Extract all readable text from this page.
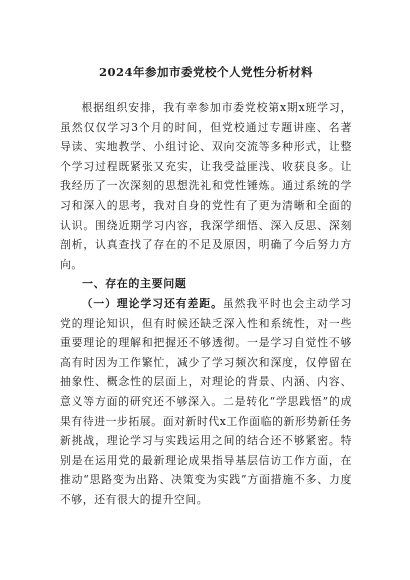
2024年参加市委党校个人党性分析材料

根据组织安排，我有幸参加市委党校第x期x班学习，虽然仅仅学习3个月的时间，但党校通过专题讲座、名著导读、实地教学、小组讨论、双向交流等多种形式，让整个学习过程既紧张又充实，让我受益匪浅、收获良多。让我经历了一次深刻的思想洗礼和党性锤炼。通过系统的学习和深入的思考，我对自身的党性有了更为清晰和全面的认识。围绕近期学习内容，我深学细悟、深入反思、深刻剖析，认真查找了存在的不足及原因，明确了今后努力方向。

一、存在的主要问题

（一）理论学习还有差距。虽然我平时也会主动学习党的理论知识，但有时候还缺乏深入性和系统性，对一些重要理论的理解和把握还不够透彻。一是学习自觉性不够高有时因为工作繁忙，减少了学习频次和深度，仅停留在抽象性、概念性的层面上，对理论的背景、内涵、内容、意义等方面的研究还不够深入。二是转化“学思践悟”的成果有待进一步拓展。面对新时代x工作面临的新形势新任务新挑战，理论学习与实践运用之间的结合还不够紧密。特别是在运用党的最新理论成果指导基层信访工作方面，在推动“思路变为出路、决策变为实践”方面措施不多、力度不够，还有很大的提升空间。
